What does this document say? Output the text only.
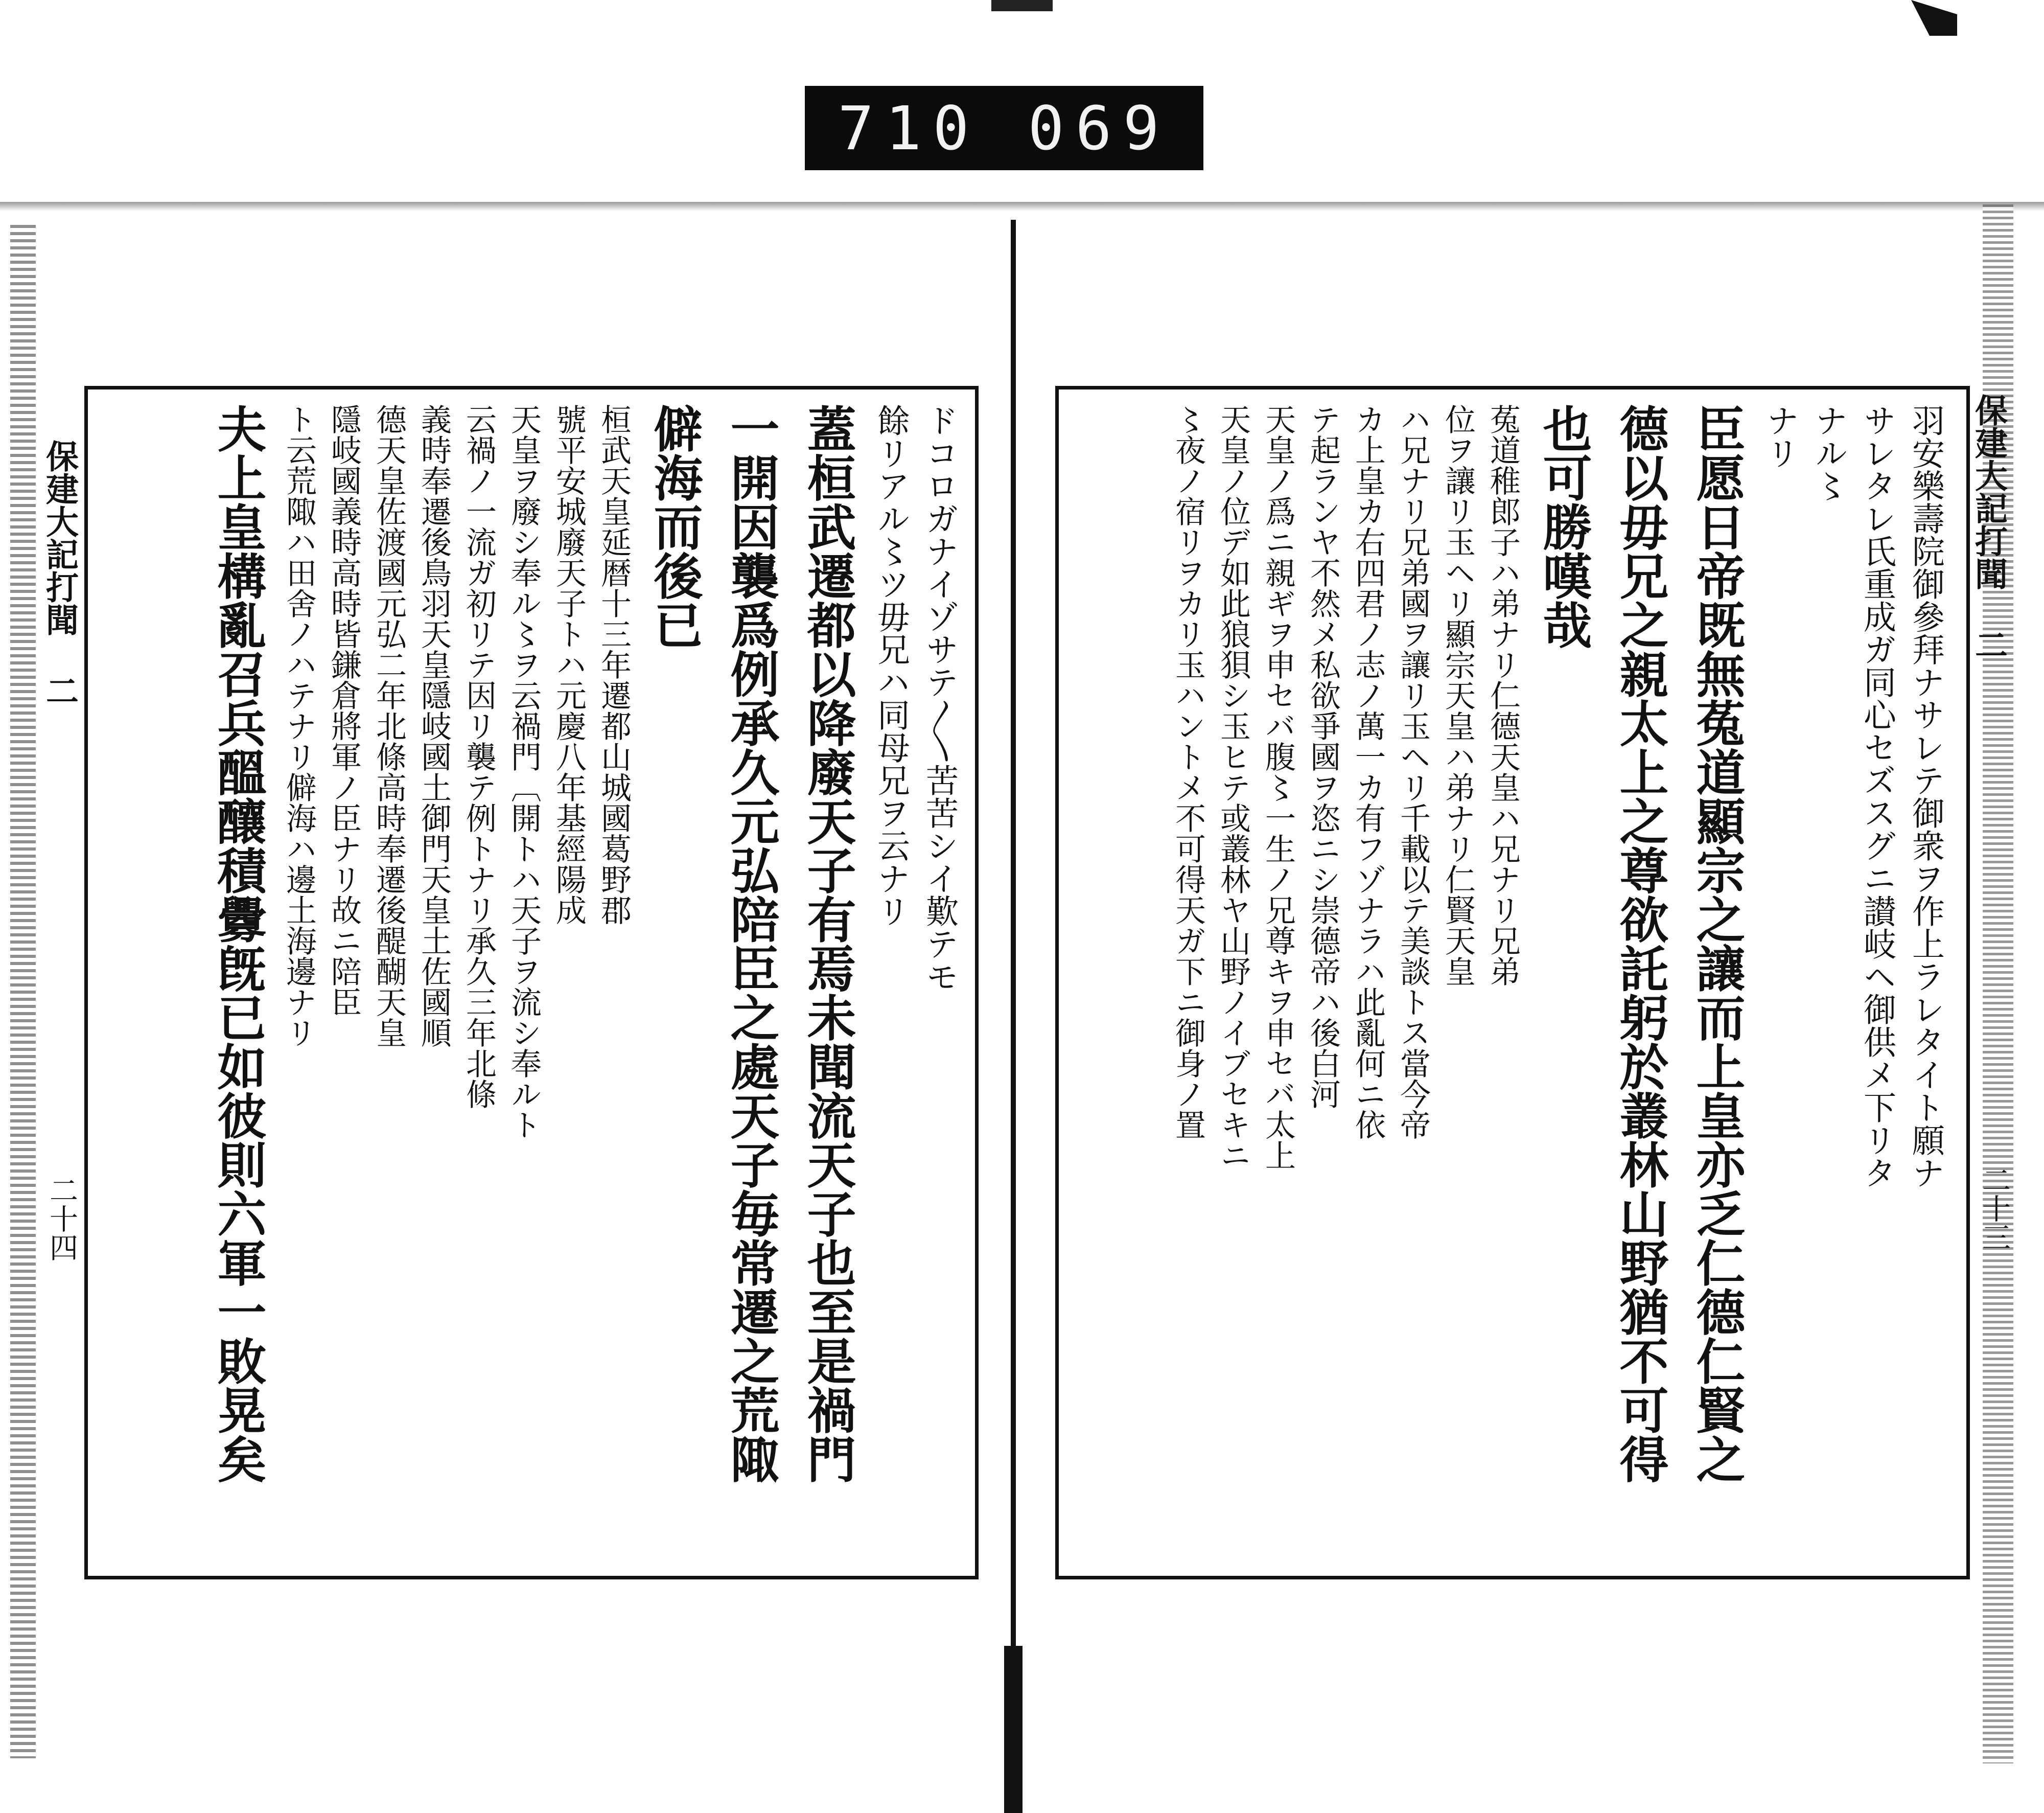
710 069
保建大記打聞 二
二十四
保建大記打聞 二
二十三
ドコロガナイゾサテ〳〵苦苦シイ歎テモ
餘リアル〻ツ毋兄ハ同母兄ヲ云ナリ
蓋桓武遷都以降廢天子有焉未聞流天子也至是禍門
一開因襲爲例承久元弘陪臣之處天子毎常遷之荒陬
僻海而後已
桓武天皇延暦十三年遷都山城國葛野郡
號平安城廢天子トハ元慶八年基經陽成
天皇ヲ廢シ奉ル〻ヲ云禍門〔開トハ天子ヲ流シ奉ルト
云禍ノ一流ガ初リテ因リ襲テ例トナリ承久三年北條
義時奉遷後鳥羽天皇隱岐國土御門天皇土佐國順
德天皇佐渡國元弘二年北條高時奉遷後醍醐天皇
隱岐國義時高時皆鎌倉將軍ノ臣ナリ故ニ陪臣
ト云荒陬ハ田舍ノハテナリ僻海ハ邊土海邊ナリ
夫上皇構亂召兵醞釀積釁旣已如彼則六軍一敗晃矣	羽安樂壽院御參拜ナサレテ御衆ヲ作上ラレタイト願ナ
サレタレ氏重成ガ同心セズスグニ讃岐ヘ御供メ下リタ
ナル〻
ナリ
臣愿日帝既無菟道顯宗之讓而上皇亦乏仁德仁賢之
德以毋兄之親太上之尊欲託躬於叢林山野猶不可得
也可勝嘆哉
菟道稚郎子ハ弟ナリ仁德天皇ハ兄ナリ兄弟
位ヲ讓リ玉ヘリ顯宗天皇ハ弟ナリ仁賢天皇
ハ兄ナリ兄弟國ヲ讓リ玉ヘリ千載以テ美談トス當今帝
カ上皇カ右四君ノ志ノ萬一カ有フゾナラハ此亂何ニ依
テ起ランヤ不然メ私欲爭國ヲ恣ニシ崇德帝ハ後白河
天皇ノ爲ニ親ギヲ申セバ腹〻一生ノ兄尊キヲ申セバ太上
天皇ノ位デ如此狼狽シ玉ヒテ或叢林ヤ山野ノイブセキニ
〻夜ノ宿リヲカリ玉ハントメ不可得天ガ下ニ御身ノ置
